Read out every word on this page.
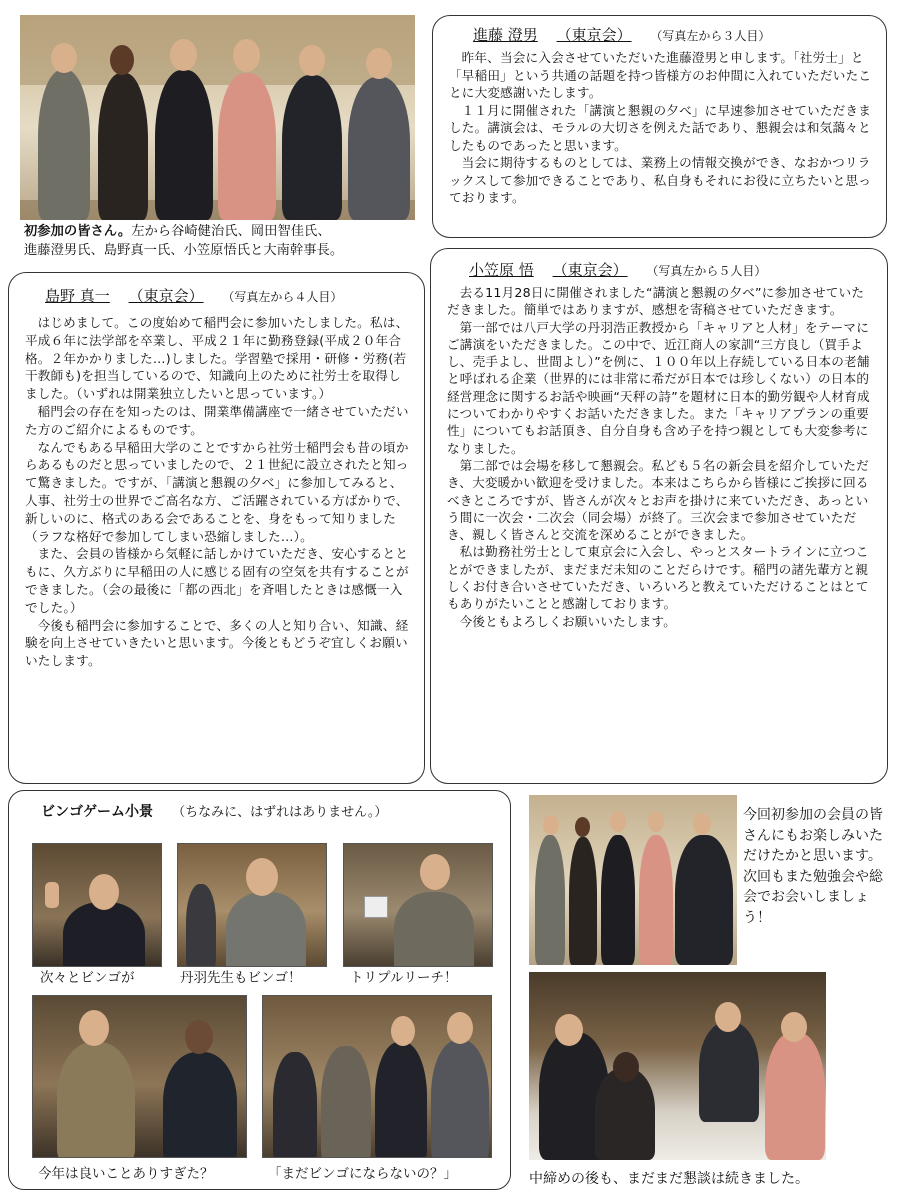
初参加の皆さん。左から谷崎健治氏、岡田智佳氏、
進藤澄男氏、島野真一氏、小笠原悟氏と大南幹事長。
進藤 澄男 （東京会） （写真左から３人目）

昨年、当会に入会させていただいた進藤澄男と申します。「社労士」と「早稲田」という共通の話題を持つ皆様方のお仲間に入れていただいたことに大変感謝いたします。

１１月に開催された「講演と懇親の夕べ」に早速参加させていただきました。講演会は、モラルの大切さを例えた話であり、懇親会は和気藹々としたものであったと思います。

当会に期待するものとしては、業務上の情報交換ができ、なおかつリラックスして参加できることであり、私自身もそれにお役に立ちたいと思っております。

島野 真一 （東京会） （写真左から４人目）

はじめまして。この度始めて稲門会に参加いたしました。私は、平成６年に法学部を卒業し、平成２１年に勤務登録(平成２０年合格。２年かかりました…)しました。学習塾で採用・研修・労務(若干教師も)を担当しているので、知識向上のために社労士を取得しました。（いずれは開業独立したいと思っています。）

稲門会の存在を知ったのは、開業準備講座で一緒させていただいた方のご紹介によるものです。

なんでもある早稲田大学のことですから社労士稲門会も昔の頃からあるものだと思っていましたので、２１世紀に設立されたと知って驚きました。ですが、「講演と懇親の夕べ」に参加してみると、人事、社労士の世界でご高名な方、ご活躍されている方ばかりで、新しいのに、格式のある会であることを、身をもって知りました（ラフな格好で参加してしまい恐縮しました…）。

また、会員の皆様から気軽に話しかけていただき、安心するとともに、久方ぶりに早稲田の人に感じる固有の空気を共有することができました。（会の最後に「都の西北」を斉唱したときは感慨一入でした。）

今後も稲門会に参加することで、多くの人と知り合い、知識、経験を向上させていきたいと思います。今後ともどうぞ宜しくお願いいたします。

小笠原 悟 （東京会） （写真左から５人目）

去る11月28日に開催されました“講演と懇親の夕べ”に参加させていただきました。簡単ではありますが、感想を寄稿させていただきます。

第一部では八戸大学の丹羽浩正教授から「キャリアと人材」をテーマにご講演をいただきました。この中で、近江商人の家訓“三方良し（買手よし、売手よし、世間よし）”を例に、１００年以上存続している日本の老舗と呼ばれる企業（世界的には非常に希だが日本では珍しくない）の日本的経営理念に関するお話や映画“天秤の詩”を題材に日本的勤労観や人材育成についてわかりやすくお話いただきました。また「キャリアプランの重要性」についてもお話頂き、自分自身も含め子を持つ親としても大変参考になりました。

第二部では会場を移して懇親会。私ども５名の新会員を紹介していただき、大変暖かい歓迎を受けました。本来はこちらから皆様にご挨拶に回るべきところですが、皆さんが次々とお声を掛けに来ていただき、あっという間に一次会・二次会（同会場）が終了。三次会まで参加させていただき、親しく皆さんと交流を深めることができました。

私は勤務社労士として東京会に入会し、やっとスタートラインに立つことができましたが、まだまだ未知のことだらけです。稲門の諸先輩方と親しくお付き合いさせていただき、いろいろと教えていただけることはとてもありがたいことと感謝しております。

今後ともよろしくお願いいたします。

ビンゴゲーム小景 （ちなみに、はずれはありません。）
次々とビンゴが	丹羽先生もビンゴ！	トリプルリーチ！
今年は良いことありすぎた？	「まだビンゴにならないの？」
今回初参加の会員の皆さんにもお楽しみいただけたかと思います。次回もまた勉強会や総会でお会いしましょう！
中締めの後も、まだまだ懇談は続きました。
